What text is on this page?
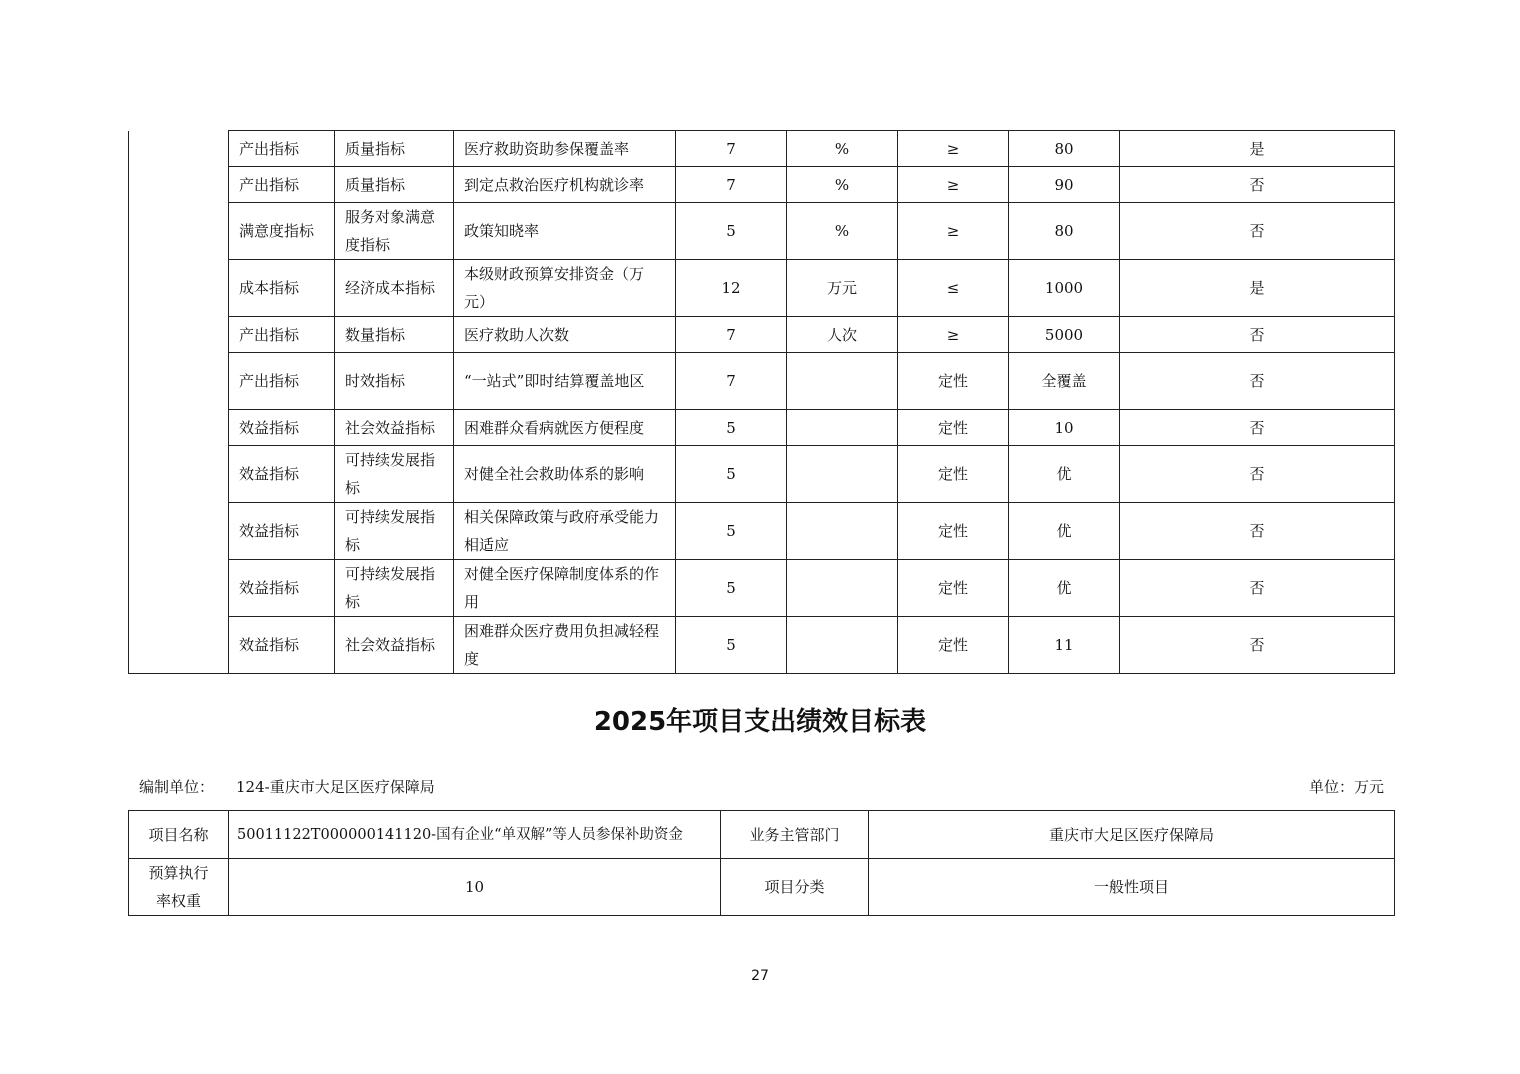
	产出指标	质量指标	医疗救助资助参保覆盖率	7	%	≥	80	是
	产出指标	质量指标	到定点救治医疗机构就诊率	7	%	≥	90	否
	满意度指标	服务对象满意度指标	政策知晓率	5	%	≥	80	否
	成本指标	经济成本指标	本级财政预算安排资金（万元）	12	万元	≤	1000	是
	产出指标	数量指标	医疗救助人次数	7	人次	≥	5000	否
	产出指标	时效指标	“一站式”即时结算覆盖地区	7		定性	全覆盖	否
	效益指标	社会效益指标	困难群众看病就医方便程度	5		定性	10	否
	效益指标	可持续发展指标	对健全社会救助体系的影响	5		定性	优	否
	效益指标	可持续发展指标	相关保障政策与政府承受能力相适应	5		定性	优	否
	效益指标	可持续发展指标	对健全医疗保障制度体系的作用	5		定性	优	否
	效益指标	社会效益指标	困难群众医疗费用负担减轻程度	5		定性	11	否
2025年项目支出绩效目标表
编制单位： 124-重庆市大足区医疗保障局	单位：万元
项目名称	50011122T000000141120-国有企业“单双解”等人员参保补助资金	业务主管部门	重庆市大足区医疗保障局
预算执行率权重	10	项目分类	一般性项目
27
